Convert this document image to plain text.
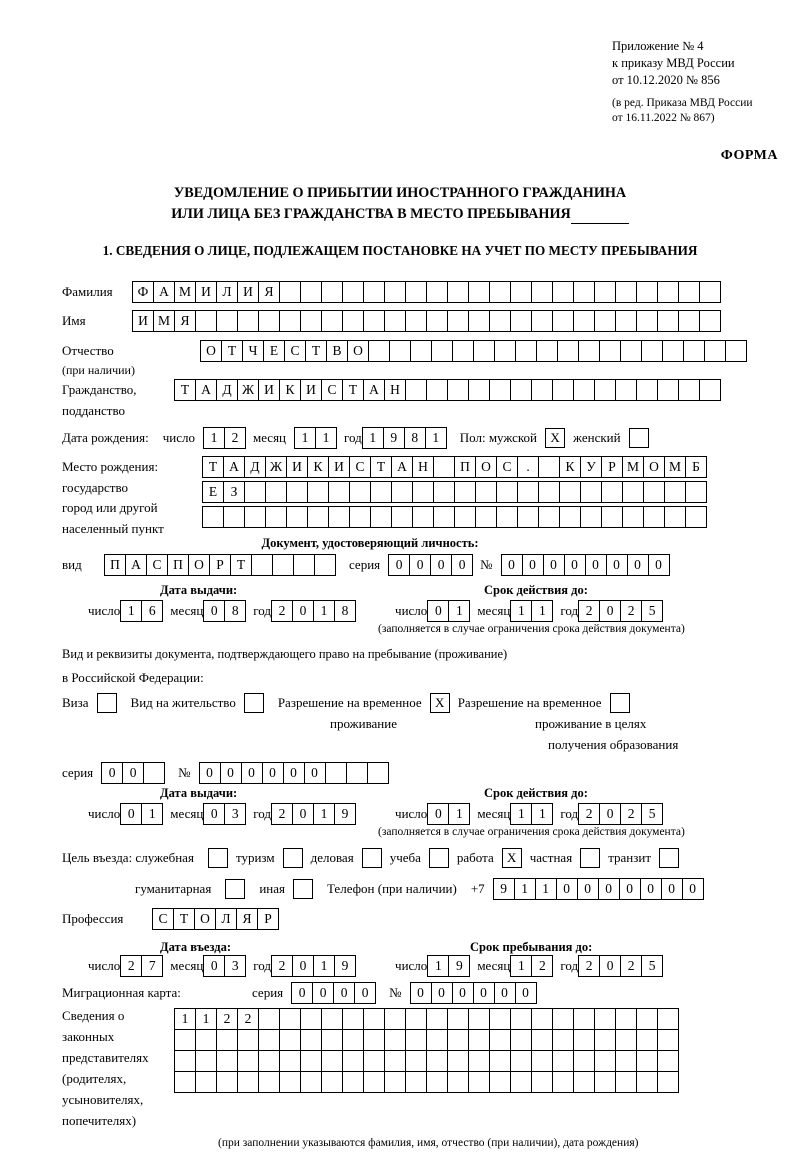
Приложение № 4
к приказу МВД России
от 10.12.2020 № 856
(в ред. Приказа МВД России
от 16.11.2022 № 867)
ФОРМА
УВЕДОМЛЕНИЕ О ПРИБЫТИИ ИНОСТРАННОГО ГРАЖДАНИНА
ИЛИ ЛИЦА БЕЗ ГРАЖДАНСТВА В МЕСТО ПРЕБЫВАНИЯ
1. СВЕДЕНИЯ О ЛИЦЕ, ПОДЛЕЖАЩЕМ ПОСТАНОВКЕ НА УЧЕТ ПО МЕСТУ ПРЕБЫВАНИЯ
Фамилия	Ф А М И Л И Я
Имя	И М Я
Отчество	О Т Ч Е С Т В О
(при наличии)
Гражданство,	Т А Д Ж И К И С Т А Н
подданство
Дата рождения: число	1	2	месяц	1	1	год 1	9	8	1	Пол: мужской	Х	женский
Место рождения:	Т А Д Ж И К И С Т А Н	П О С	.	К У Р М О М Б
государство	Е З
город или другой
населенный пункт
Документ, удостоверяющий личность:
вид	П А С П О Р Т	серия	0	0	0	0	№	0	0	0	0	0	0	0	0
Дата выдачи:	Срок действия до:
число 1	6	месяц 0	8	год 2	0	1	8	число 0	1	месяц 1	1	год 2	0	2	5
(заполняется в случае ограничения срока действия документа)
Вид и реквизиты документа, подтверждающего право на пребывание (проживание)
в Российской Федерации:
Виза	Вид на жительство	Разрешение на временное	Х	Разрешение на временное
проживание	проживание в целях
получения образования
серия	0	0	№	0	0	0	0	0	0
Дата выдачи:	Срок действия до:
число 0	1	месяц 0	3	год 2	0	1	9	число 0	1	месяц 1	1	год 2	0	2	5
(заполняется в случае ограничения срока действия документа)
Цель въезда: служебная	туризм	деловая	учеба	работа	Х	частная	транзит
гуманитарная	иная	Телефон (при наличии) +7	9	1	1	0	0	0	0	0	0	0
Профессия	С Т О Л Я Р
Дата въезда:	Срок пребывания до:
число 2	7	месяц 0	3	год 2	0	1	9	число 1	9	месяц 1	2	год 2	0	2	5
Миграционная карта:	серия	0	0	0	0	№	0	0	0	0	0	0
Сведения о
законных
представителях
(родителях,
усыновителях,
попечителях)
1	1	2	2
(при заполнении указываются фамилия, имя, отчество (при наличии), дата рождения)
